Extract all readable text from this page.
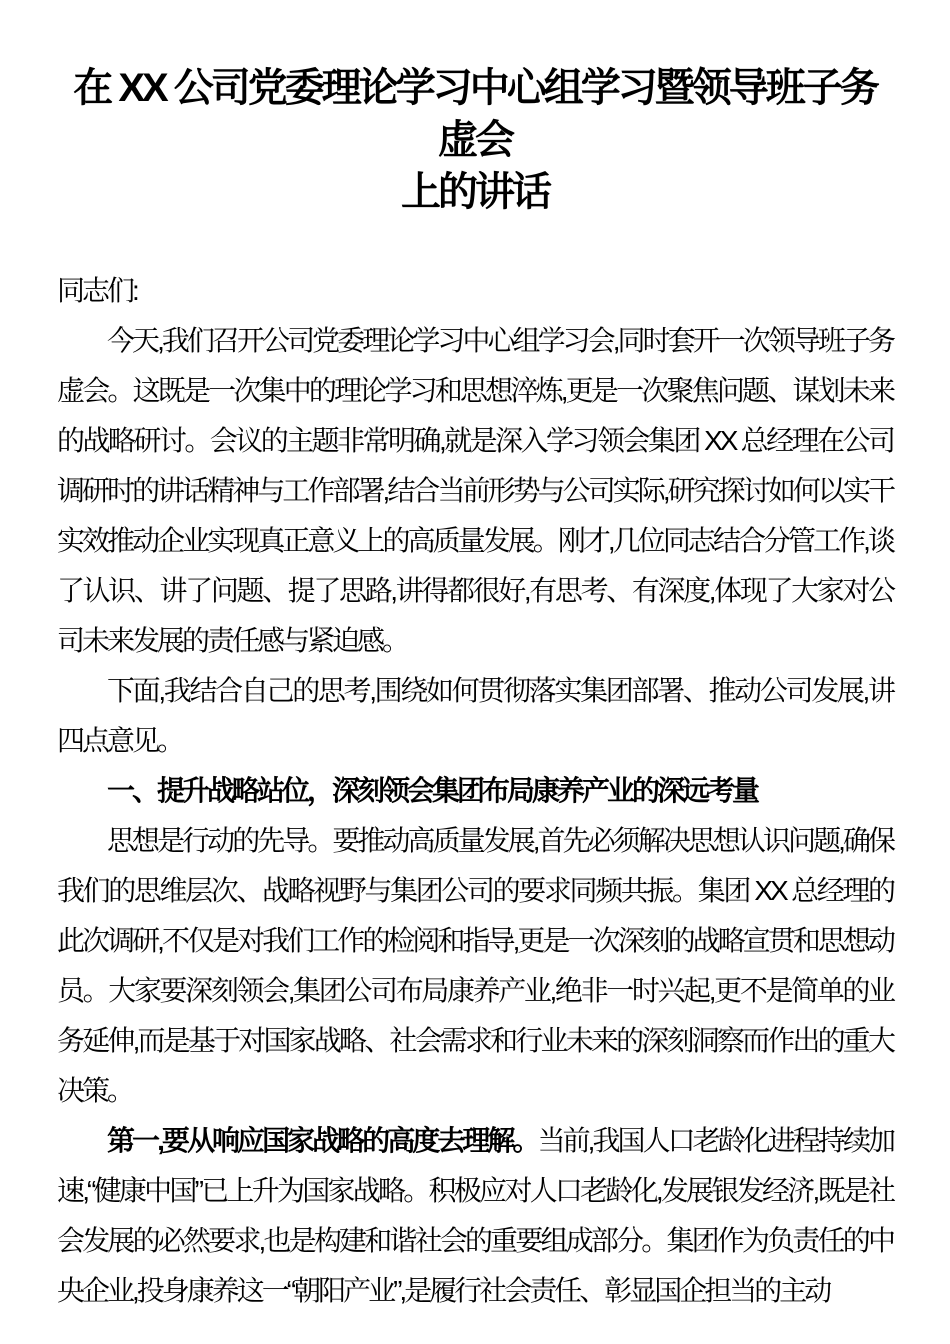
在 XX 公司党委理论学习中心组学习暨领导班子务虚会
上的讲话

同志们:

今天,我们召开公司党委理论学习中心组学习会,同时套开一次领导班子务虚会。这既是一次集中的理论学习和思想淬炼,更是一次聚焦问题、谋划未来的战略研讨。会议的主题非常明确,就是深入学习领会集团 XX 总经理在公司调研时的讲话精神与工作部署,结合当前形势与公司实际,研究探讨如何以实干实效推动企业实现真正意义上的高质量发展。刚才,几位同志结合分管工作,谈了认识、讲了问题、提了思路,讲得都很好,有思考、有深度,体现了大家对公司未来发展的责任感与紧迫感。

下面,我结合自己的思考,围绕如何贯彻落实集团部署、推动公司发展,讲四点意见。

一、提升战略站位，深刻领会集团布局康养产业的深远考量

思想是行动的先导。要推动高质量发展,首先必须解决思想认识问题,确保我们的思维层次、战略视野与集团公司的要求同频共振。集团 XX 总经理的此次调研,不仅是对我们工作的检阅和指导,更是一次深刻的战略宣贯和思想动员。大家要深刻领会,集团公司布局康养产业,绝非一时兴起,更不是简单的业务延伸,而是基于对国家战略、社会需求和行业未来的深刻洞察而作出的重大决策。

第一,要从响应国家战略的高度去理解。当前,我国人口老龄化进程持续加速,“健康中国”已上升为国家战略。积极应对人口老龄化,发展银发经济,既是社会发展的必然要求,也是构建和谐社会的重要组成部分。集团作为负责任的中央企业,投身康养这一“朝阳产业”,是履行社会责任、彰显国企担当的主动
